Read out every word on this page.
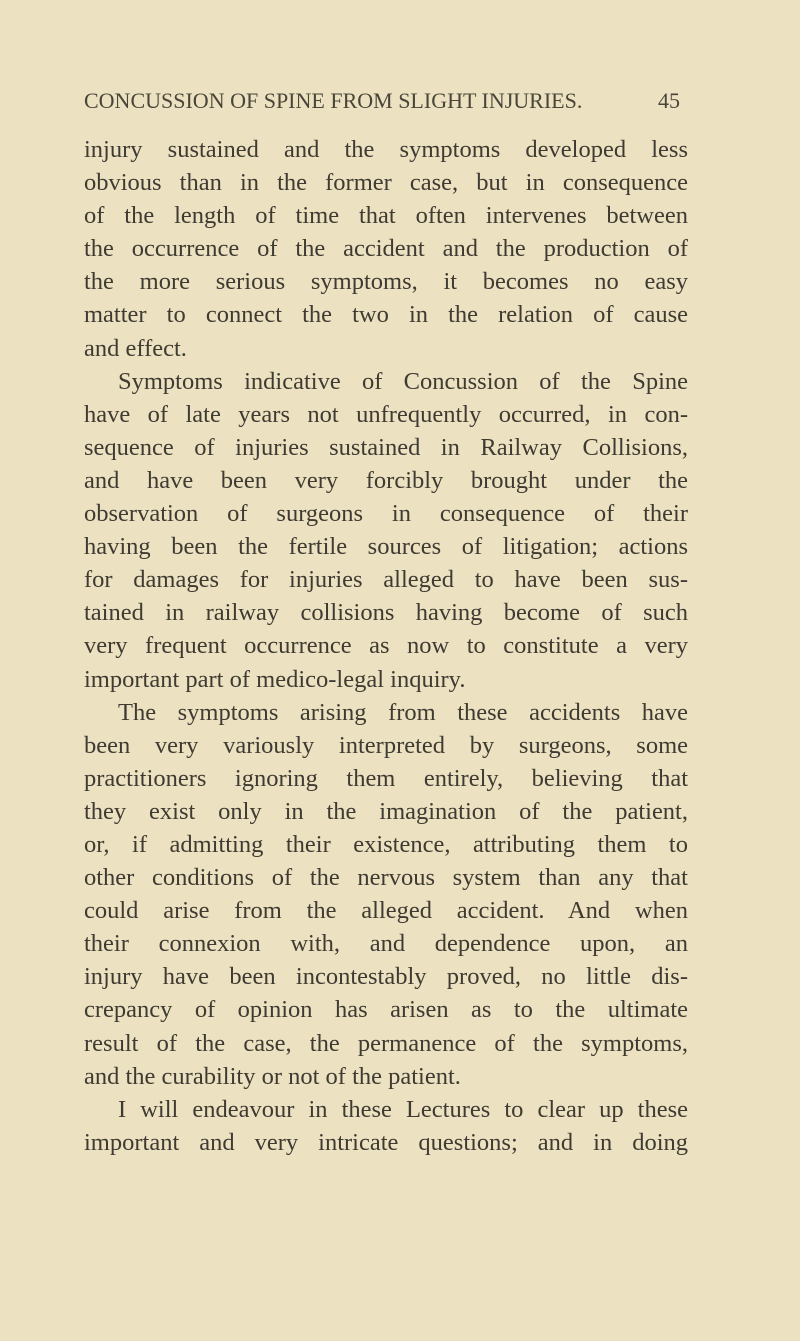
CONCUSSION OF SPINE FROM SLIGHT INJURIES.	45
injury sustained and the symptoms developed less
obvious than in the former case, but in consequence
of the length of time that often intervenes between
the occurrence of the accident and the production of
the more serious symptoms, it becomes no easy
matter to connect the two in the relation of cause
and effect.
Symptoms indicative of Concussion of the Spine
have of late years not unfrequently occurred, in con-
sequence of injuries sustained in Railway Collisions,
and have been very forcibly brought under the
observation of surgeons in consequence of their
having been the fertile sources of litigation; actions
for damages for injuries alleged to have been sus-
tained in railway collisions having become of such
very frequent occurrence as now to constitute a very
important part of medico-legal inquiry.
The symptoms arising from these accidents have
been very variously interpreted by surgeons, some
practitioners ignoring them entirely, believing that
they exist only in the imagination of the patient,
or, if admitting their existence, attributing them to
other conditions of the nervous system than any that
could arise from the alleged accident. And when
their connexion with, and dependence upon, an
injury have been incontestably proved, no little dis-
crepancy of opinion has arisen as to the ultimate
result of the case, the permanence of the symptoms,
and the curability or not of the patient.
I will endeavour in these Lectures to clear up these
important and very intricate questions; and in doing
